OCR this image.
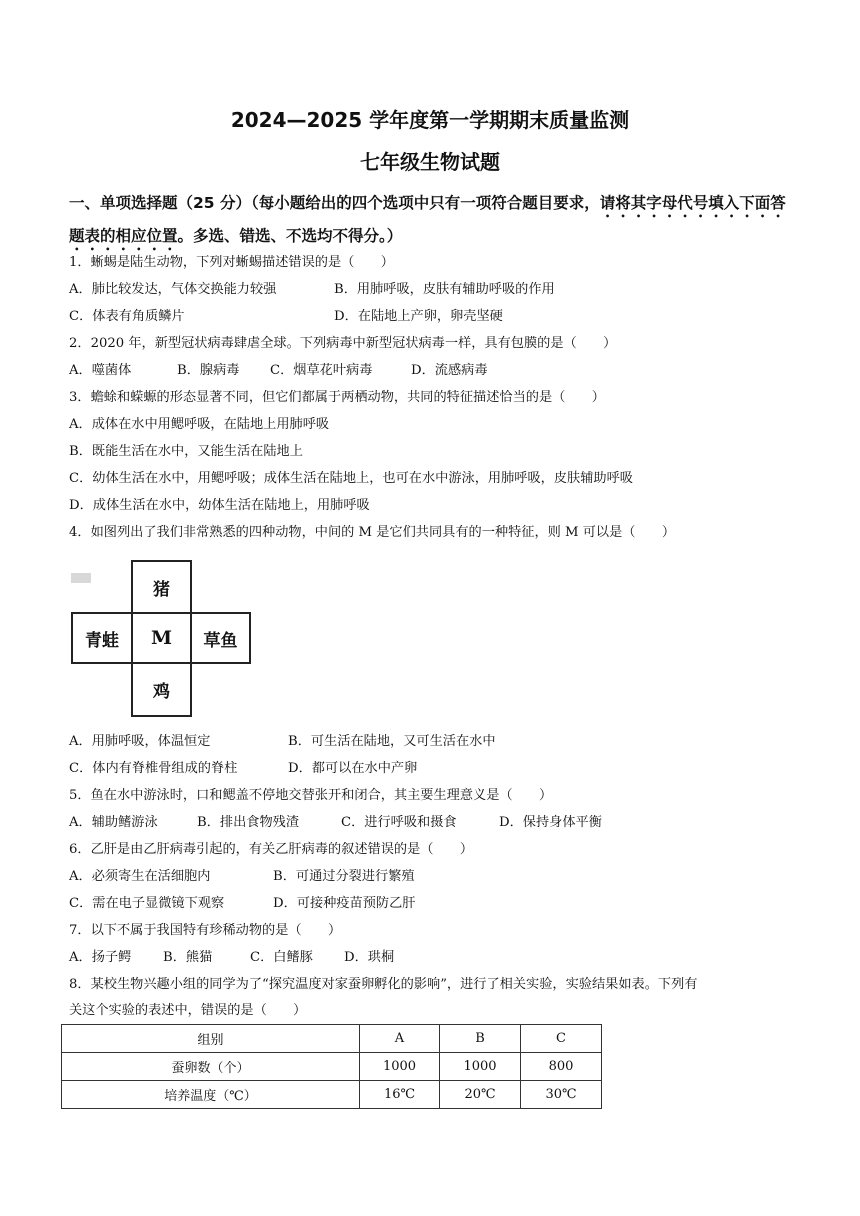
2024—2025 学年度第一学期期末质量监测
七年级生物试题
一、单项选择题（25 分）（每小题给出的四个选项中只有一项符合题目要求，请将其字母代号填入下面答题表的相应位置。多选、错选、不选均不得分。）
1．蜥蜴是陆生动物，下列对蜥蜴描述错误的是（　　）
A．肺比较发达，气体交换能力较强	B．用肺呼吸，皮肤有辅助呼吸的作用
C．体表有角质鳞片	D．在陆地上产卵，卵壳坚硬
2．2020 年，新型冠状病毒肆虐全球。下列病毒中新型冠状病毒一样，具有包膜的是（　　）
A．噬菌体	B．腺病毒 C．烟草花叶病毒	D．流感病毒
3．蟾蜍和蝾螈的形态显著不同，但它们都属于两栖动物，共同的特征描述恰当的是（　　）
A．成体在水中用鳃呼吸，在陆地上用肺呼吸
B．既能生活在水中，又能生活在陆地上
C．幼体生活在水中，用鳃呼吸；成体生活在陆地上，也可在水中游泳，用肺呼吸，皮肤辅助呼吸
D．成体生活在水中，幼体生活在陆地上，用肺呼吸
4．如图列出了我们非常熟悉的四种动物，中间的 M 是它们共同具有的一种特征，则 M 可以是（　　）
猪
青蛙	M	草鱼
鸡
A．用肺呼吸，体温恒定	B．可生活在陆地，又可生活在水中
C．体内有脊椎骨组成的脊柱	D．都可以在水中产卵
5．鱼在水中游泳时，口和鳃盖不停地交替张开和闭合，其主要生理意义是（　　）
A．辅助鳍游泳	B．排出食物残渣	C．进行呼吸和摄食	D．保持身体平衡
6．乙肝是由乙肝病毒引起的，有关乙肝病毒的叙述错误的是（　　）
A．必须寄生在活细胞内	B．可通过分裂进行繁殖
C．需在电子显微镜下观察	D．可接种疫苗预防乙肝
7．以下不属于我国特有珍稀动物的是（　　）
A．扬子鳄 B．熊猫	C．白鳍豚 D．珙桐
8．某校生物兴趣小组的同学为了“探究温度对家蚕卵孵化的影响”，进行了相关实验，实验结果如表。下列有
关这个实验的表述中，错误的是（　　）
组别	A	B	C
蚕卵数（个）	1000	1000	800
培养温度（℃）	16℃	20℃	30℃
